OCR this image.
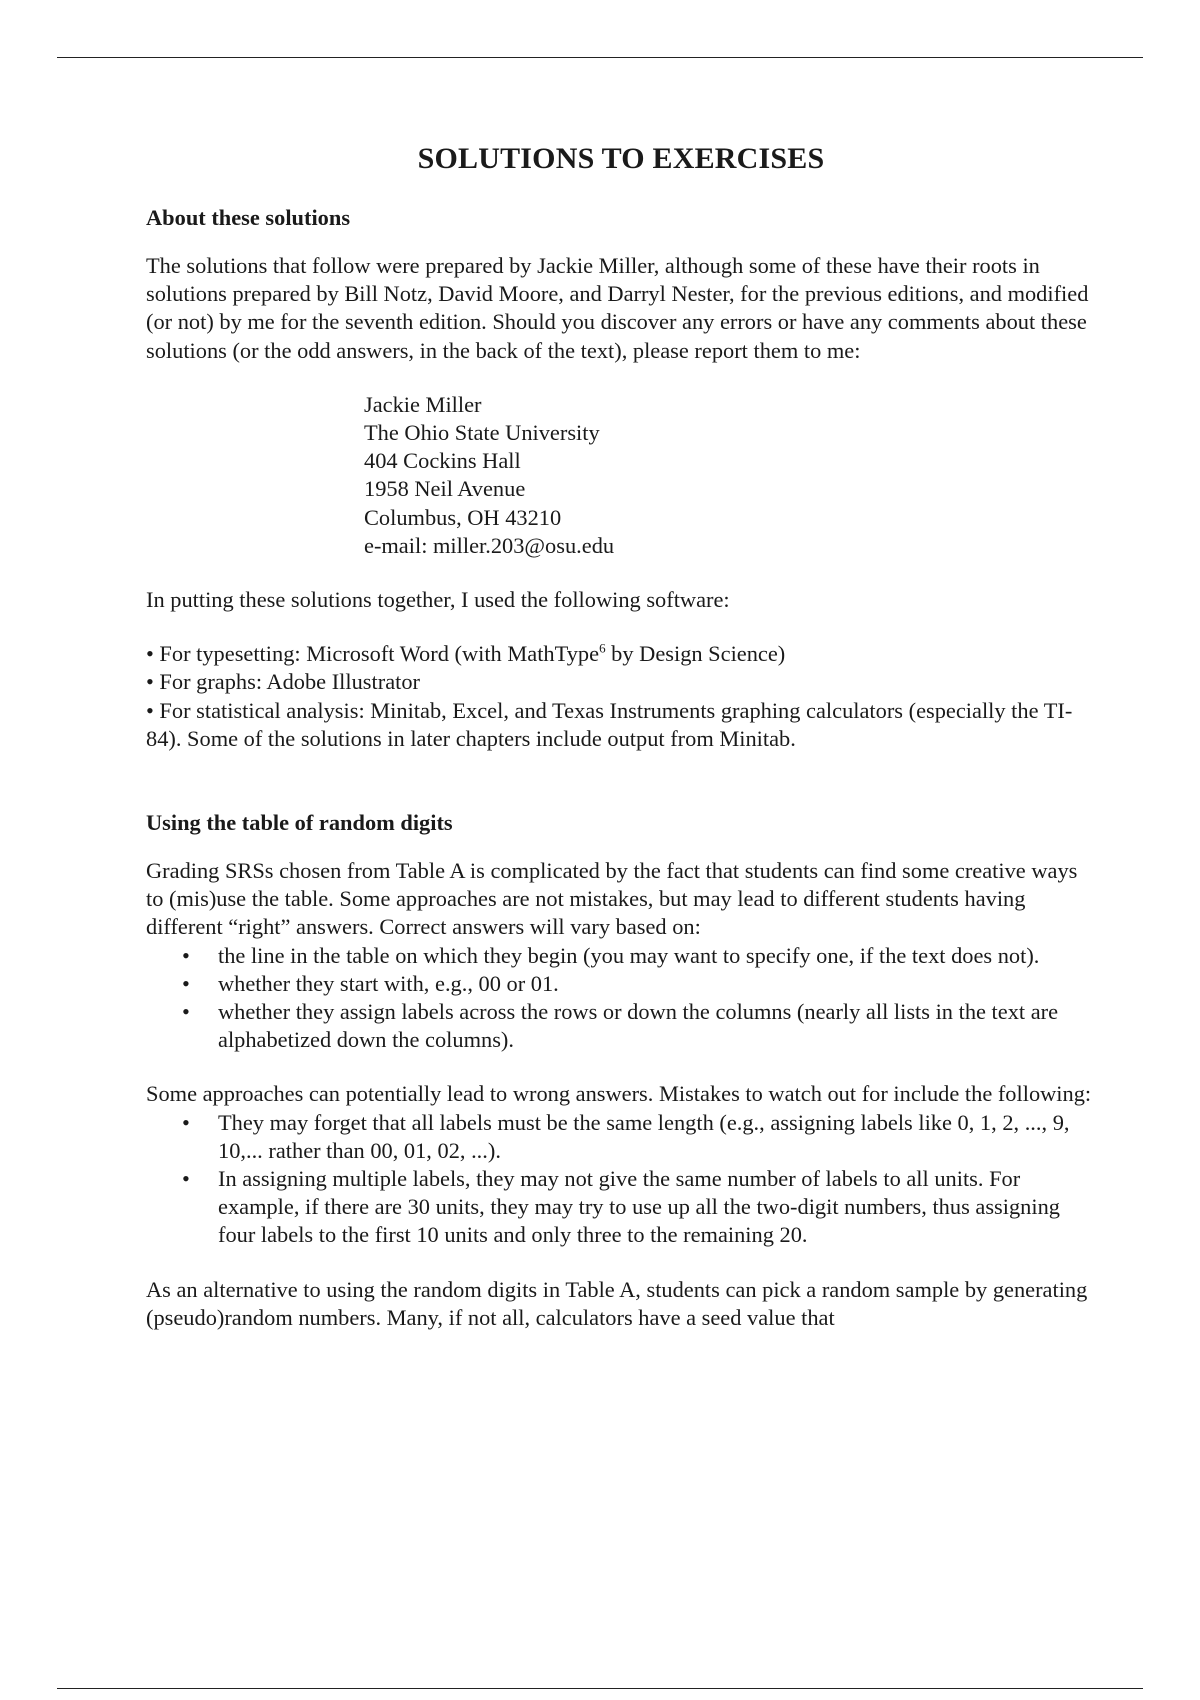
SOLUTIONS TO EXERCISES
About these solutions

The solutions that follow were prepared by Jackie Miller, although some of these have their roots in solutions prepared by Bill Notz, David Moore, and Darryl Nester, for the previous editions, and modified (or not) by me for the seventh edition. Should you discover any errors or have any comments about these solutions (or the odd answers, in the back of the text), please report them to me:

Jackie Miller
The Ohio State University
404 Cockins Hall
1958 Neil Avenue
Columbus, OH 43210
e-mail: miller.203@osu.edu

In putting these solutions together, I used the following software:

• For typesetting: Microsoft Word (with MathType$^6$ by Design Science)
• For graphs: Adobe Illustrator
• For statistical analysis: Minitab, Excel, and Texas Instruments graphing calculators (especially the TI-84). Some of the solutions in later chapters include output from Minitab.
Using the table of random digits

Grading SRSs chosen from Table A is complicated by the fact that students can find some creative ways to (mis)use the table. Some approaches are not mistakes, but may lead to different students having different “right” answers. Correct answers will vary based on:

• the line in the table on which they begin (you may want to specify one, if the text does not).
• whether they start with, e.g., 00 or 01.
• whether they assign labels across the rows or down the columns (nearly all lists in the text are alphabetized down the columns).

Some approaches can potentially lead to wrong answers. Mistakes to watch out for include the following:

• They may forget that all labels must be the same length (e.g., assigning labels like 0, 1, 2, ..., 9, 10,... rather than 00, 01, 02, ...).
• In assigning multiple labels, they may not give the same number of labels to all units. For example, if there are 30 units, they may try to use up all the two-digit numbers, thus assigning four labels to the first 10 units and only three to the remaining 20.

As an alternative to using the random digits in Table A, students can pick a random sample by generating (pseudo)random numbers. Many, if not all, calculators have a seed value that
